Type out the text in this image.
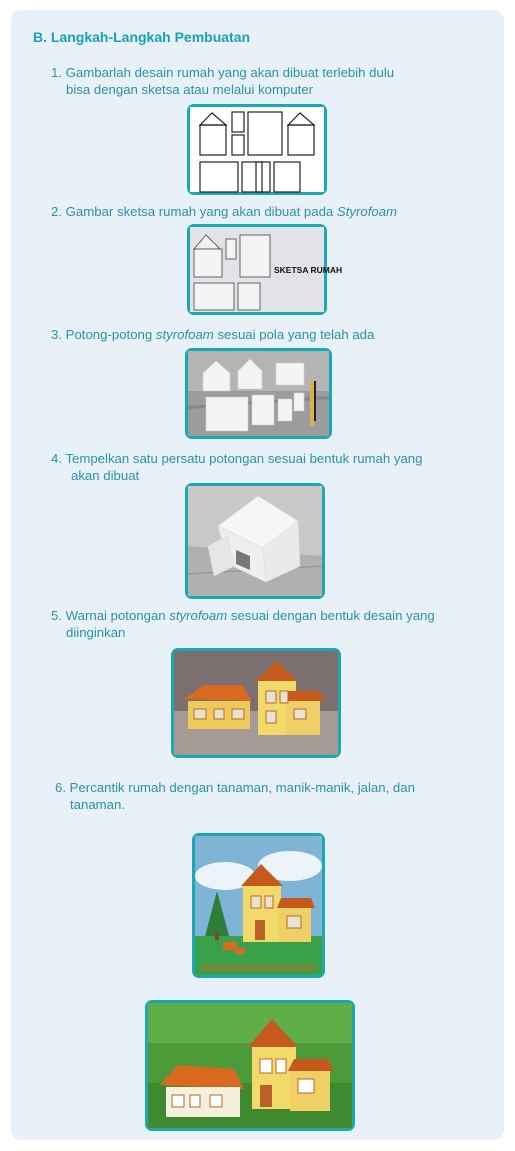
B. Langkah-Langkah Pembuatan
1. Gambarlah desain rumah yang akan dibuat terlebih dulu
bisa dengan sketsa atau melalui komputer
2. Gambar sketsa rumah yang akan dibuat pada Styrofoam
SKETSA RUMAH
3. Potong-potong styrofoam sesuai pola yang telah ada
4. Tempelkan satu persatu potongan sesuai bentuk rumah yang
akan dibuat
5. Warnai potongan styrofoam sesuai dengan bentuk desain yang
diinginkan
6. Percantik rumah dengan tanaman, manik-manik, jalan, dan
tanaman.
